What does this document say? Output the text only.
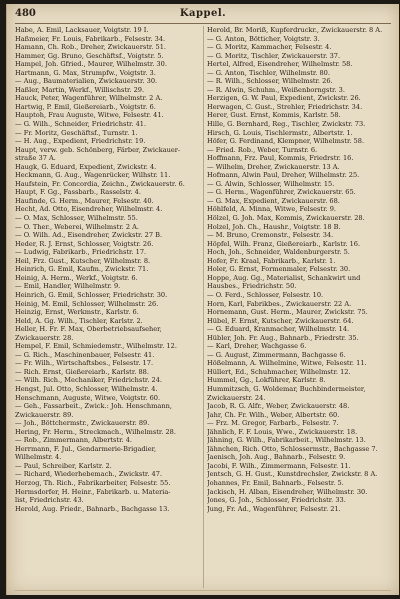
480	Kappel.
Habe, A. Emil, Lacksauer, Voigtstr. 19 I.
Haßmeier, Fr. Louis, Fabrikarb., Felsestr. 34.
Hamann, Ch. Rob., Dreher, Zwickauerstr. 51.
Hammer, Gg. Bruno, Geschäftsf., Voigtstr. 5.
Hampel, Joh. Gfried., Maurer, Wilhelmstr. 30.
Hartmann, G. Max, Strumpfw., Voigtstr. 3.
— Aug., Baumaterialien, Zwickauerstr. 30.
Haßler, Martin, Werkf., Willischstr. 29.
Hauck, Peter, Wagenführer, Wilhelmstr. 2 A.
Hartwig, P. Emil, Gießereiarb., Voigtstr. 6.
Hauptoh, Frau Auguste, Witwe, Felsestr. 41.
— G. Wilh., Schneider, Friedrichstr. 41.
— Fr. Moritz, Geschäftsf., Turnstr. 1.
— H. Aug., Expedient, Friedrichstr. 19.
Haupt, verw. geb. Schönberg, Färber, Zwickauer-
straße 37 A.
Haugk, G. Eduard, Expedient, Zwickstr. 4.
Heckmann, G. Aug., Wagenrücker, Wilhstr. 11.
Haufstein, Fr. Concordia, Zeichn., Zwickauerstr. 6.
Haupt, F. Gg., Fassbarb., Rasselstr. 4.
Haufinde, G. Herm., Maurer, Felsestr. 40.
Hecht, Ad. Otto, Eisendreher, Wilhelmstr. 4.
— O. Max, Schlosser, Wilhelmstr. 55.
— O. Ther., Weberei, Wilhelmstr. 2 A.
— O. Wilh. Ad., Eisendreher, Zwickstr. 27 B.
Heder, R. J. Ernst, Schlosser, Voigtstr. 26.
— Ludwig, Fabrikarb., Friedrichstr. 17.
Heil, Frz. Gust., Kutscher, Wilhelmstr. 8.
Heinrich, G. Emil, Kaufm., Zwickstr. 71.
Heinig, A. Herm., Werkf., Voigtstr. 6.
— Emil, Handler, Wilhelmstr. 9.
Heinrich, G. Emil, Schlosser, Friedrichstr. 30.
Heinig, M. Emil, Schlosser, Wilhelmstr. 26.
Heinzig, Ernst, Werkmstr., Karlstr. 6.
Held, A. Gg. Wilh., Tischler, Karlstr. 2.
Heller, H. Fr. F. Max, Oberbetriebsaufseher,
Zwickauerstr. 28.
Hempel, F. Emil, Schmiedemstr., Wilhelmstr. 12.
— G. Rich., Maschinenbauer, Felsestr. 41.
— Fr. Wilh., Wirtschaftsbes., Felsestr. 17.
— Rich. Ernst, Gießereiarb., Karlstr. 88.
— Wilh. Rich., Mechaniker, Friedrichstr. 24.
Hengst, Jul. Otto, Schlosser, Wilhelmstr. 4.
Henschmann, Auguste, Witwe, Voigtstr. 60.
— Geh., Fassarbeit., Zwick.: Joh. Henschmann,
Zwickauerstr. 89.
— Joh., Böttchermstr., Zwickauerstr. 89.
Hering, Fr. Herm., Streckmach., Wilhelmstr. 28.
— Rob., Zimmermann, Albertstr. 4.
Herrmann, F. Jul., Gendarmerie-Brigadier,
Wilhelmstr. 4.
— Paul, Schreiber, Karlstr. 2.
— Richard, Wiederhebemach., Zwickstr. 47.
Herzog, Th. Rich., Fabrikarbeiter, Felsestr. 55.
Hermsdorfer, H. Heinr., Fabrikarb. u. Materia-
list, Friedrichstr. 43.
Herold, Aug. Friedr., Bahnarb., Bachgasse 13.
Herold, Br. Moriß, Kupferdruckr., Zwickauerstr. 8 A.
— G. Anton, Bötticher, Voigtstr. 3.
— G. Moritz, Kammacher, Felsestr. 4.
— G. Moritz, Tischler, Zwickauerstr. 37.
Hertel, Alfred, Eisendreher, Wilhelmstr. 58.
— G. Anton, Tischler, Wilhelmstr. 80.
— R. Wilh., Schlosser, Wilhelmstr. 26.
— R. Alwin, Schuhm., Weißenborngstr. 3.
Herzigen, G. W. Paul, Expedient, Zwickstr. 26.
Herwagen, C. Gust., Strehler, Friedrichstr. 34.
Herer, Gust. Ernst, Kommis, Karlstr. 58.
Hille, G. Bernhard, Reg., Tischler, Zwickstr. 73.
Hirsch, G. Louis, Tischlermstr., Albertstr. 1.
Höfer, G. Ferdinand, Klempner, Wilhelmstr. 58.
— Fried. Rob., Weber, Turnstr. 6.
Hoffmann, Frz. Paul, Kommis, Friedrstr. 16.
— Wilhelm, Dreher, Zwickauerstr. 13 A.
Hofmann, Alwin Paul, Dreher, Wilhelmstr. 25.
— G. Alwin, Schlosser, Wilhelmstr. 15.
— G. Herm., Wagenführer, Zwickauerstr. 65.
— G. Max, Expedient, Zwickauerstr. 68.
Höhlfeld, A. Minna, Witwe, Felsestr. 9.
Hölzel, G. Joh. Max, Kommis, Zwickauerstr. 28.
Holzel, Joh. Ch., Haushr., Voigtstr. 18 B.
— M. Bruno, Cremonstr., Felsestr. 34.
Höpfel, Wilh. Franz, Gießereiarb., Karlstr. 16.
Hoch, Joh., Schneider, Waldenburgerstr. 5.
Hofer, Fr. Kraal, Fabrikarb., Karlstr. 1.
Holer, G. Ernst, Formenmaler, Felsestr. 30.
Hoppe, Aug. Gg., Materialist, Schankwirt und
Hausbes., Friedrichstr. 50.
— O. Ferd., Schlosser, Felsestr. 10.
Horn, Karl, Fabrikbes., Zwickauerstr. 22 A.
Hornemann, Gust. Herm., Maurer, Zwickstr. 75.
Hübel, F. Ernst, Kutscher, Zwickauerstr. 64.
— G. Eduard, Kranmacher, Wilhelmstr. 14.
Hübler, Joh. Fr. Aug., Bahnarb., Friedrstr. 35.
— Karl, Dreher, Wachgasse 6.
— G. August, Zimmermann, Bachgasse 6.
Hößelmann, A. Wilhelmine, Witwe, Felsestr. 11.
Hüllert, Ed., Schuhmacher, Wilhelmstr. 12.
Hummel, Gg., Lokführer, Karlstr. 8.
Hummitzsch, G. Woldemar, Buchbindermeister,
Zwickauerstr. 24.
Jacob, R. G. Alfr., Weber, Zwickauerstr. 48.
Jahr, Ch. Fr. Wilh., Weber, Albertstr. 60.
— Frz. M. Gregor, Farbarb., Felsestr. 7.
Jähnlich, F. F. Louis, Wwe., Zwickauerstr. 18.
Jähning, G. Wilh., Fabrikarbeit., Wilhelmstr. 13.
Jähnchen, Rich. Otto, Schlossermstr., Bachgasse 7.
Jaenisch, Joh. Aug., Bahnarb., Felsestr. 9.
Jacobi, F. Wilh., Zimmermann, Felsestr. 11.
Jentsch, G. H. Gust., Kunstdrechsler, Zwickstr. 8 A.
Johannes, Fr. Emil, Bahnarb., Felsestr. 5.
Jackisch, H. Alban, Eisendreher, Wilhelmstr. 30.
Jones, G. Joh., Schlosser, Friedrichstr. 33.
Jung, Fr. Ad., Wagenführer, Felsestr. 21.
